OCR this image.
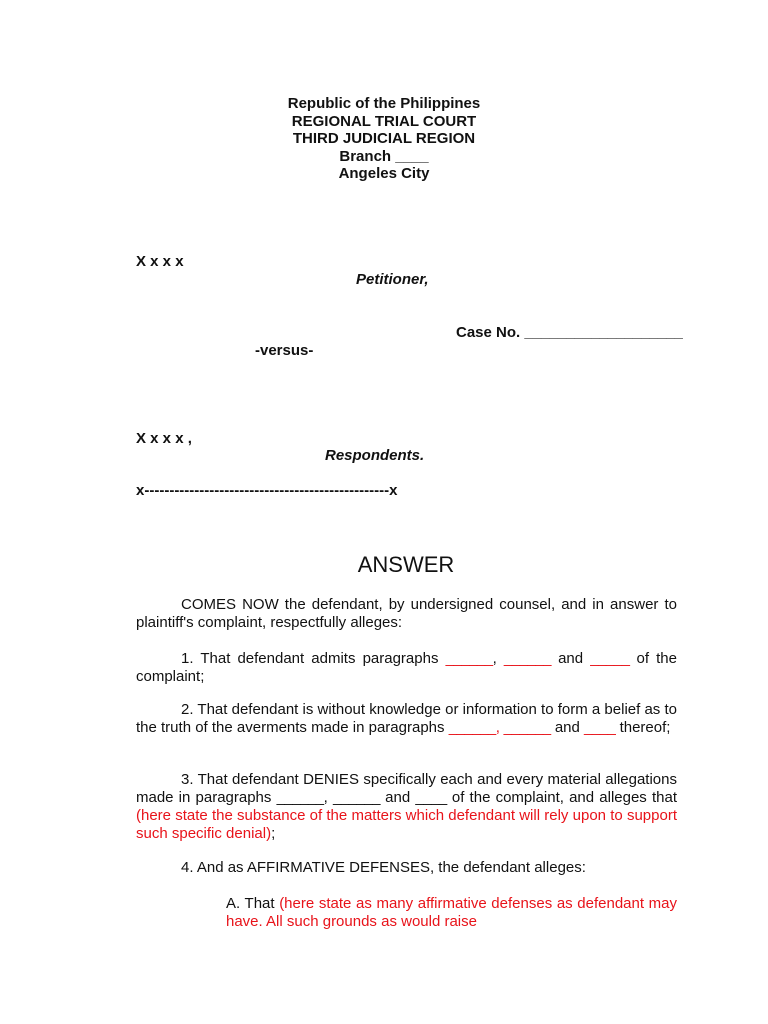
Republic of the Philippines
REGIONAL TRIAL COURT
THIRD JUDICIAL REGION
Branch ____
Angeles City
X x x x
Petitioner,
Case No. ___________________
-versus-
X x x x ,
Respondents.
x-------------------------------------------------x
ANSWER
COMES NOW the defendant, by undersigned counsel, and in answer to plaintiff's complaint, respectfully alleges:
1. That defendant admits paragraphs ______, ______ and _____ of the complaint;
2. That defendant is without knowledge or information to form a belief as to the truth of the averments made in paragraphs ______, ______ and ____ thereof;
3. That defendant DENIES specifically each and every material allegations made in paragraphs ______, ______ and ____ of the complaint, and alleges that (here state the substance of the matters which defendant will rely upon to support such specific denial);
4. And as AFFIRMATIVE DEFENSES, the defendant alleges:
A. That (here state as many affirmative defenses as defendant may have. All such grounds as would raise
